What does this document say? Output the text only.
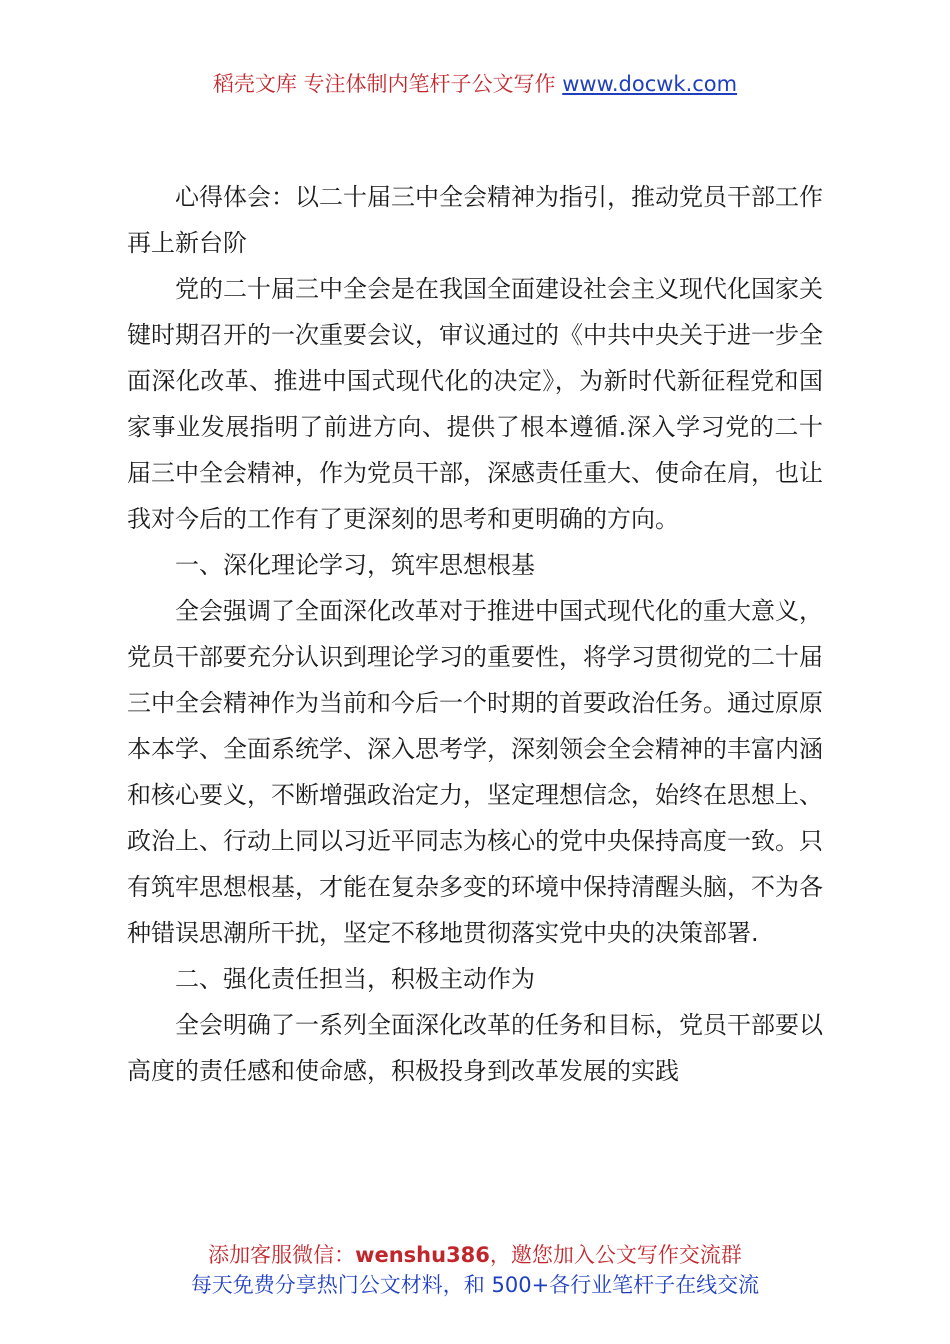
稻壳文库 专注体制内笔杆子公文写作 www.docwk.com

心得体会：以二十届三中全会精神为指引，推动党员干部工作再上新台阶

党的二十届三中全会是在我国全面建设社会主义现代化国家关键时期召开的一次重要会议，审议通过的《中共中央关于进一步全面深化改革、推进中国式现代化的决定》，为新时代新征程党和国家事业发展指明了前进方向、提供了根本遵循.深入学习党的二十届三中全会精神，作为党员干部，深感责任重大、使命在肩，也让我对今后的工作有了更深刻的思考和更明确的方向。

一、深化理论学习，筑牢思想根基

全会强调了全面深化改革对于推进中国式现代化的重大意义，党员干部要充分认识到理论学习的重要性，将学习贯彻党的二十届三中全会精神作为当前和今后一个时期的首要政治任务。通过原原本本学、全面系统学、深入思考学，深刻领会全会精神的丰富内涵和核心要义，不断增强政治定力，坚定理想信念，始终在思想上、政治上、行动上同以习近平同志为核心的党中央保持高度一致。只有筑牢思想根基，才能在复杂多变的环境中保持清醒头脑，不为各种错误思潮所干扰，坚定不移地贯彻落实党中央的决策部署.

二、强化责任担当，积极主动作为

全会明确了一系列全面深化改革的任务和目标，党员干部要以高度的责任感和使命感，积极投身到改革发展的实践

添加客服微信：wenshu386，邀您加入公文写作交流群
每天免费分享热门公文材料，和 500+各行业笔杆子在线交流
